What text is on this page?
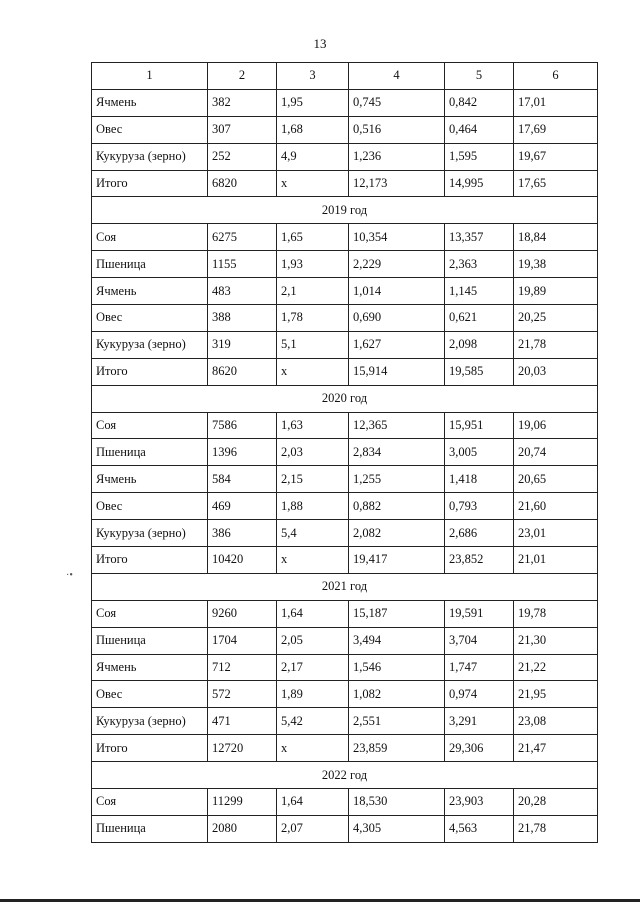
13
1	2	3	4	5	6
Ячмень	382	1,95	0,745	0,842	17,01
Овес	307	1,68	0,516	0,464	17,69
Кукуруза (зерно)	252	4,9	1,236	1,595	19,67
Итого	6820	х	12,173	14,995	17,65
2019 год					
Соя	6275	1,65	10,354	13,357	18,84
Пшеница	1155	1,93	2,229	2,363	19,38
Ячмень	483	2,1	1,014	1,145	19,89
Овес	388	1,78	0,690	0,621	20,25
Кукуруза (зерно)	319	5,1	1,627	2,098	21,78
Итого	8620	х	15,914	19,585	20,03
2020 год					
Соя	7586	1,63	12,365	15,951	19,06
Пшеница	1396	2,03	2,834	3,005	20,74
Ячмень	584	2,15	1,255	1,418	20,65
Овес	469	1,88	0,882	0,793	21,60
Кукуруза (зерно)	386	5,4	2,082	2,686	23,01
Итого	10420	х	19,417	23,852	21,01
2021 год					
Соя	9260	1,64	15,187	19,591	19,78
Пшеница	1704	2,05	3,494	3,704	21,30
Ячмень	712	2,17	1,546	1,747	21,22
Овес	572	1,89	1,082	0,974	21,95
Кукуруза (зерно)	471	5,42	2,551	3,291	23,08
Итого	12720	х	23,859	29,306	21,47
2022 год					
Соя	11299	1,64	18,530	23,903	20,28
Пшеница	2080	2,07	4,305	4,563	21,78
·•
